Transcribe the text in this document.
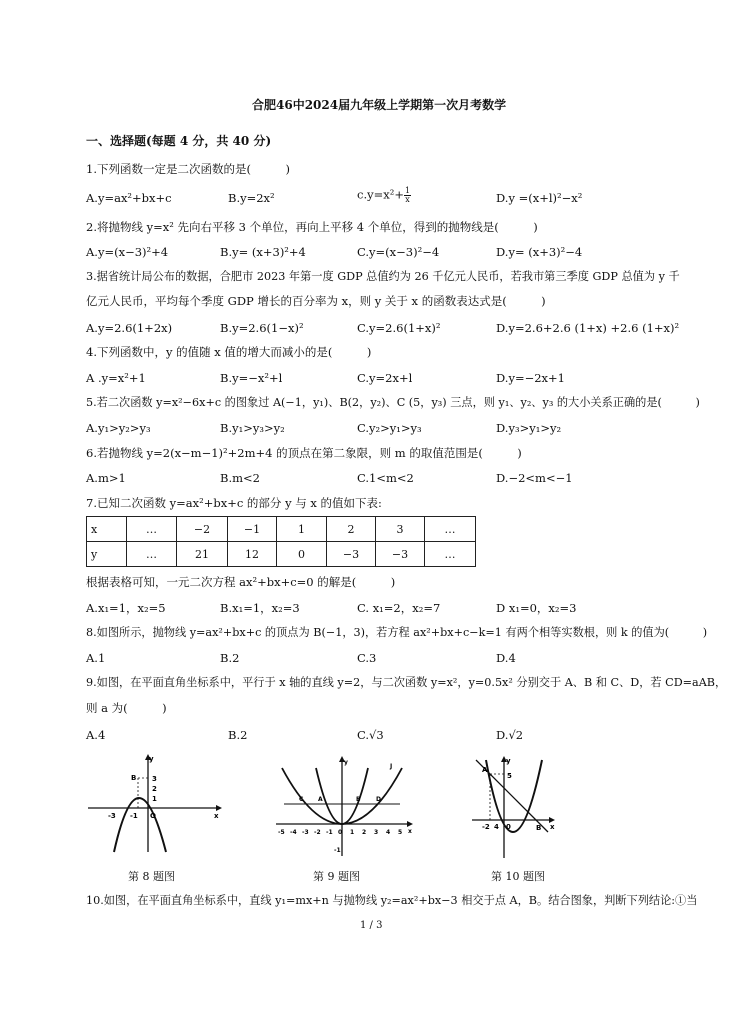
合肥46中2024届九年级上学期第一次月考数学
一、选择题(每题 4 分，共 40 分)
1.下列函数一定是二次函数的是(　　　)
A.y=ax²+bx+c	B.y=2x²	$c.y=x^2+ \frac{1}{x}$	D.y =(x+l)²−x²
2.将抛物线 y=x² 先向右平移 3 个单位，再向上平移 4 个单位，得到的抛物线是(　　　)
A.y=(x−3)²+4	B.y= (x+3)²+4	C.y=(x−3)²−4	D.y= (x+3)²−4
3.据省统计局公布的数据，合肥市 2023 年第一度 GDP 总值约为 26 千亿元人民币，若我市第三季度 GDP 总值为 y 千
亿元人民币，平均每个季度 GDP 增长的百分率为 x，则 y 关于 x 的函数表达式是(　　　)
A.y=2.6(1+2x)	B.y=2.6(1−x)²	C.y=2.6(1+x)²	D.y=2.6+2.6 (1+x) +2.6 (1+x)²
4.下列函数中，y 的值随 x 值的增大而减小的是(　　　)
A .y=x²+1	B.y=−x²+l	C.y=2x+l	D.y=−2x+1
5.若二次函数 y=x²−6x+c 的图象过 A(−1，y₁)、B(2，y₂)、C (5，y₃) 三点，则 y₁、y₂、y₃ 的大小关系正确的是(　　　)
A.y₁>y₂>y₃	B.y₁>y₃>y₂	C.y₂>y₁>y₃	D.y₃>y₁>y₂
6.若抛物线 y=2(x−m−1)²+2m+4 的顶点在第二象限，则 m 的取值范围是(　　　)
A.m>1	B.m<2	C.1<m<2	D.−2<m<−1
7.已知二次函数 y=ax²+bx+c 的部分 y 与 x 的值如下表:
x	…	−2	−1	1	2	3	…
y	…	21	12	0	−3	−3	…
根据表格可知，一元二次方程 ax²+bx+c=0 的解是(　　　)
A.x₁=1，x₂=5	B.x₁=1，x₂=3	C. x₁=2，x₂=7	D x₁=0，x₂=3
8.如图所示，抛物线 y=ax²+bx+c 的顶点为 B(−1，3)，若方程 ax²+bx+c−k=1 有两个相等实数根，则 k 的值为(　　　)
A.1	B.2	C.3	D.4
9.如图，在平面直角坐标系中，平行于 x 轴的直线 y=2，与二次函数 y=x²，y=0.5x² 分别交于 A、B 和 C、D，若 CD=aAB，
则 a 为(　　　)
A.4	B.2	C.√3	D.√2
y
B 3
2
1
-1
-3	O	x
第 8 题图
y
J
C A	B	D
-5 -4 -3 -2 -1 0 1 2 3 4 5 x
-1
第 9 题图
y
A
5
-2 4 0	B x
第 10 题图
10.如图，在平面直角坐标系中，直线 y₁=mx+n 与抛物线 y₂=ax²+bx−3 相交于点 A，B。结合图象，判断下列结论:①当
1 / 3
